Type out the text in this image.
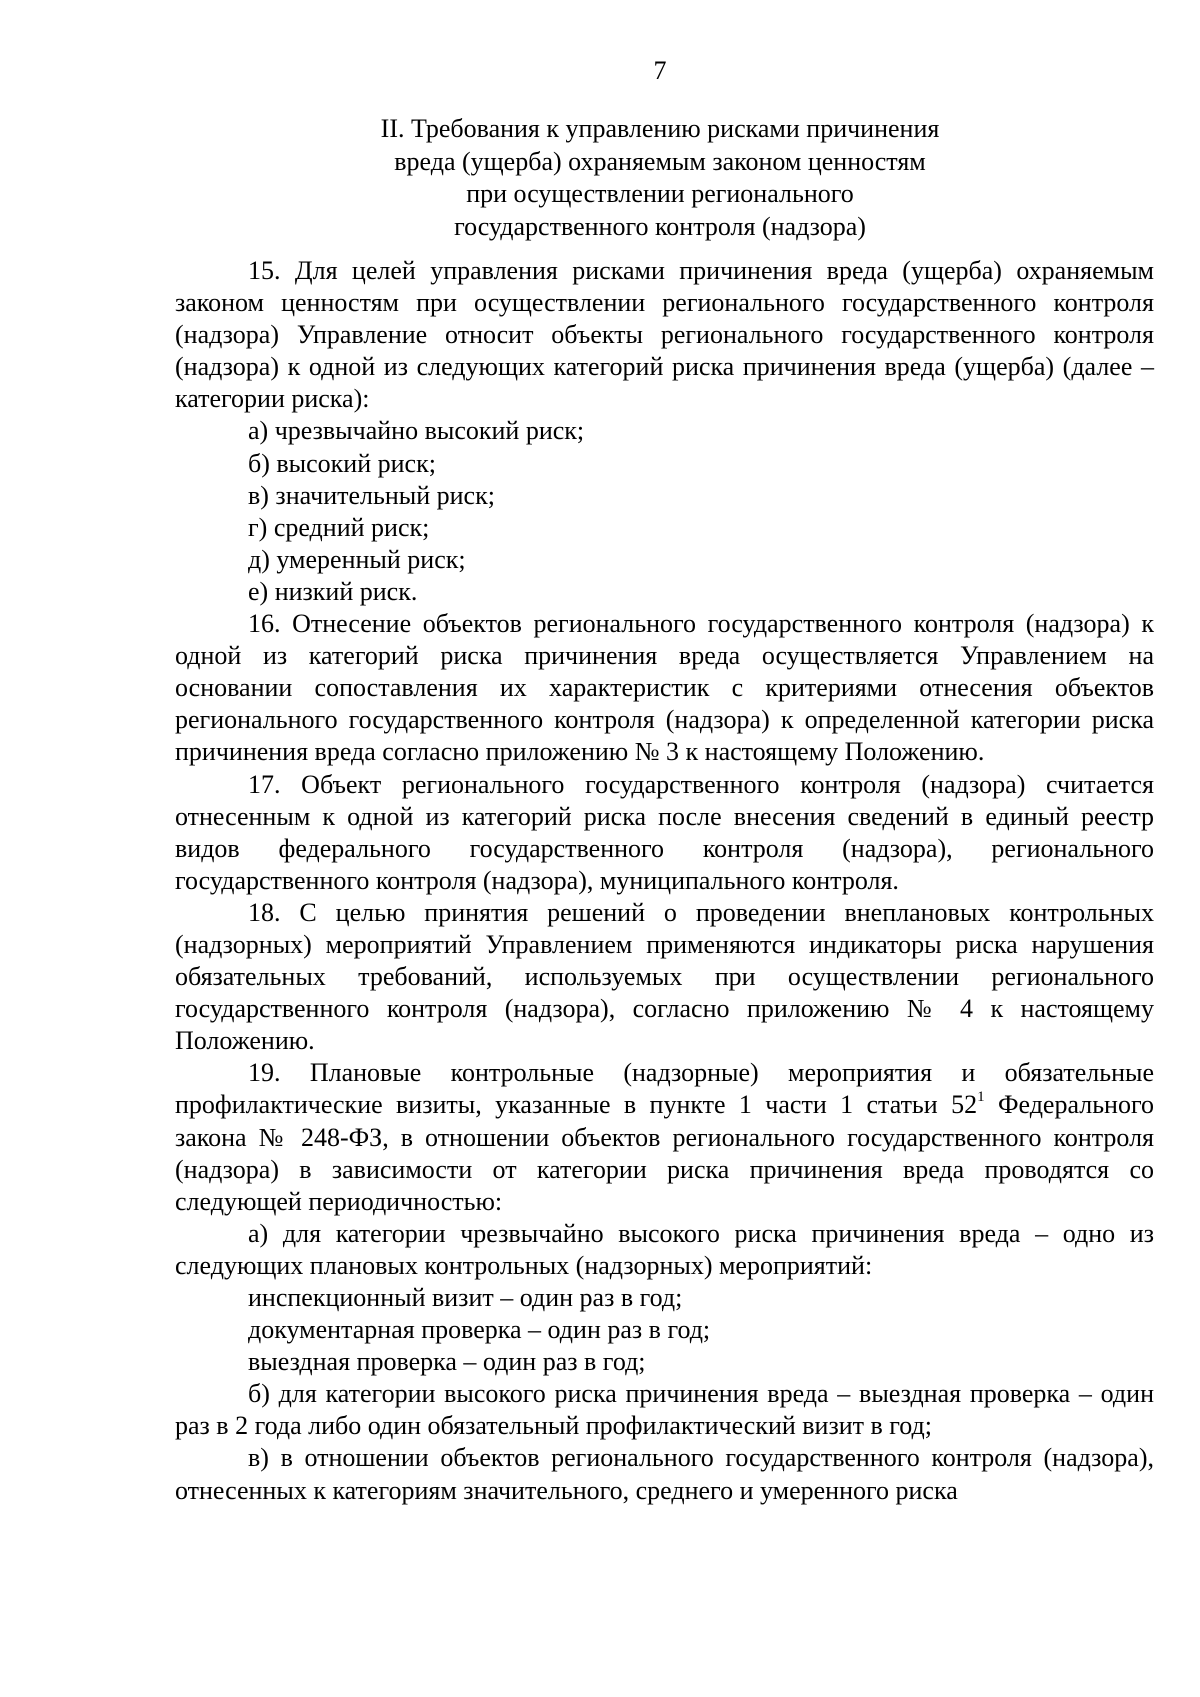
7
II. Требования к управлению рисками причинения
вреда (ущерба) охраняемым законом ценностям
при осуществлении регионального
государственного контроля (надзора)

15. Для целей управления рисками причинения вреда (ущерба) охраняемым законом ценностям при осуществлении регионального государственного контроля (надзора) Управление относит объекты регионального государственного контроля (надзора) к одной из следующих категорий риска причинения вреда (ущерба) (далее – категории риска):

а) чрезвычайно высокий риск;

б) высокий риск;

в) значительный риск;

г) средний риск;

д) умеренный риск;

е) низкий риск.

16. Отнесение объектов регионального государственного контроля (надзора) к одной из категорий риска причинения вреда осуществляется Управлением на основании сопоставления их характеристик с критериями отнесения объектов регионального государственного контроля (надзора) к определенной категории риска причинения вреда согласно приложению № 3 к настоящему Положению.

17. Объект регионального государственного контроля (надзора) считается отнесенным к одной из категорий риска после внесения сведений в единый реестр видов федерального государственного контроля (надзора), регионального государственного контроля (надзора), муниципального контроля.

18. С целью принятия решений о проведении внеплановых контрольных (надзорных) мероприятий Управлением применяются индикаторы риска нарушения обязательных требований, используемых при осуществлении регионального государственного контроля (надзора), согласно приложению № 4 к настоящему Положению.

19. Плановые контрольные (надзорные) мероприятия и обязательные профилактические визиты, указанные в пункте 1 части 1 статьи $52^1$ Федерального закона № 248-ФЗ, в отношении объектов регионального государственного контроля (надзора) в зависимости от категории риска причинения вреда проводятся со следующей периодичностью:

а) для категории чрезвычайно высокого риска причинения вреда – одно из следующих плановых контрольных (надзорных) мероприятий:

инспекционный визит – один раз в год;

документарная проверка – один раз в год;

выездная проверка – один раз в год;

б) для категории высокого риска причинения вреда – выездная проверка – один раз в 2 года либо один обязательный профилактический визит в год;

в) в отношении объектов регионального государственного контроля (надзора), отнесенных к категориям значительного, среднего и умеренного риска
